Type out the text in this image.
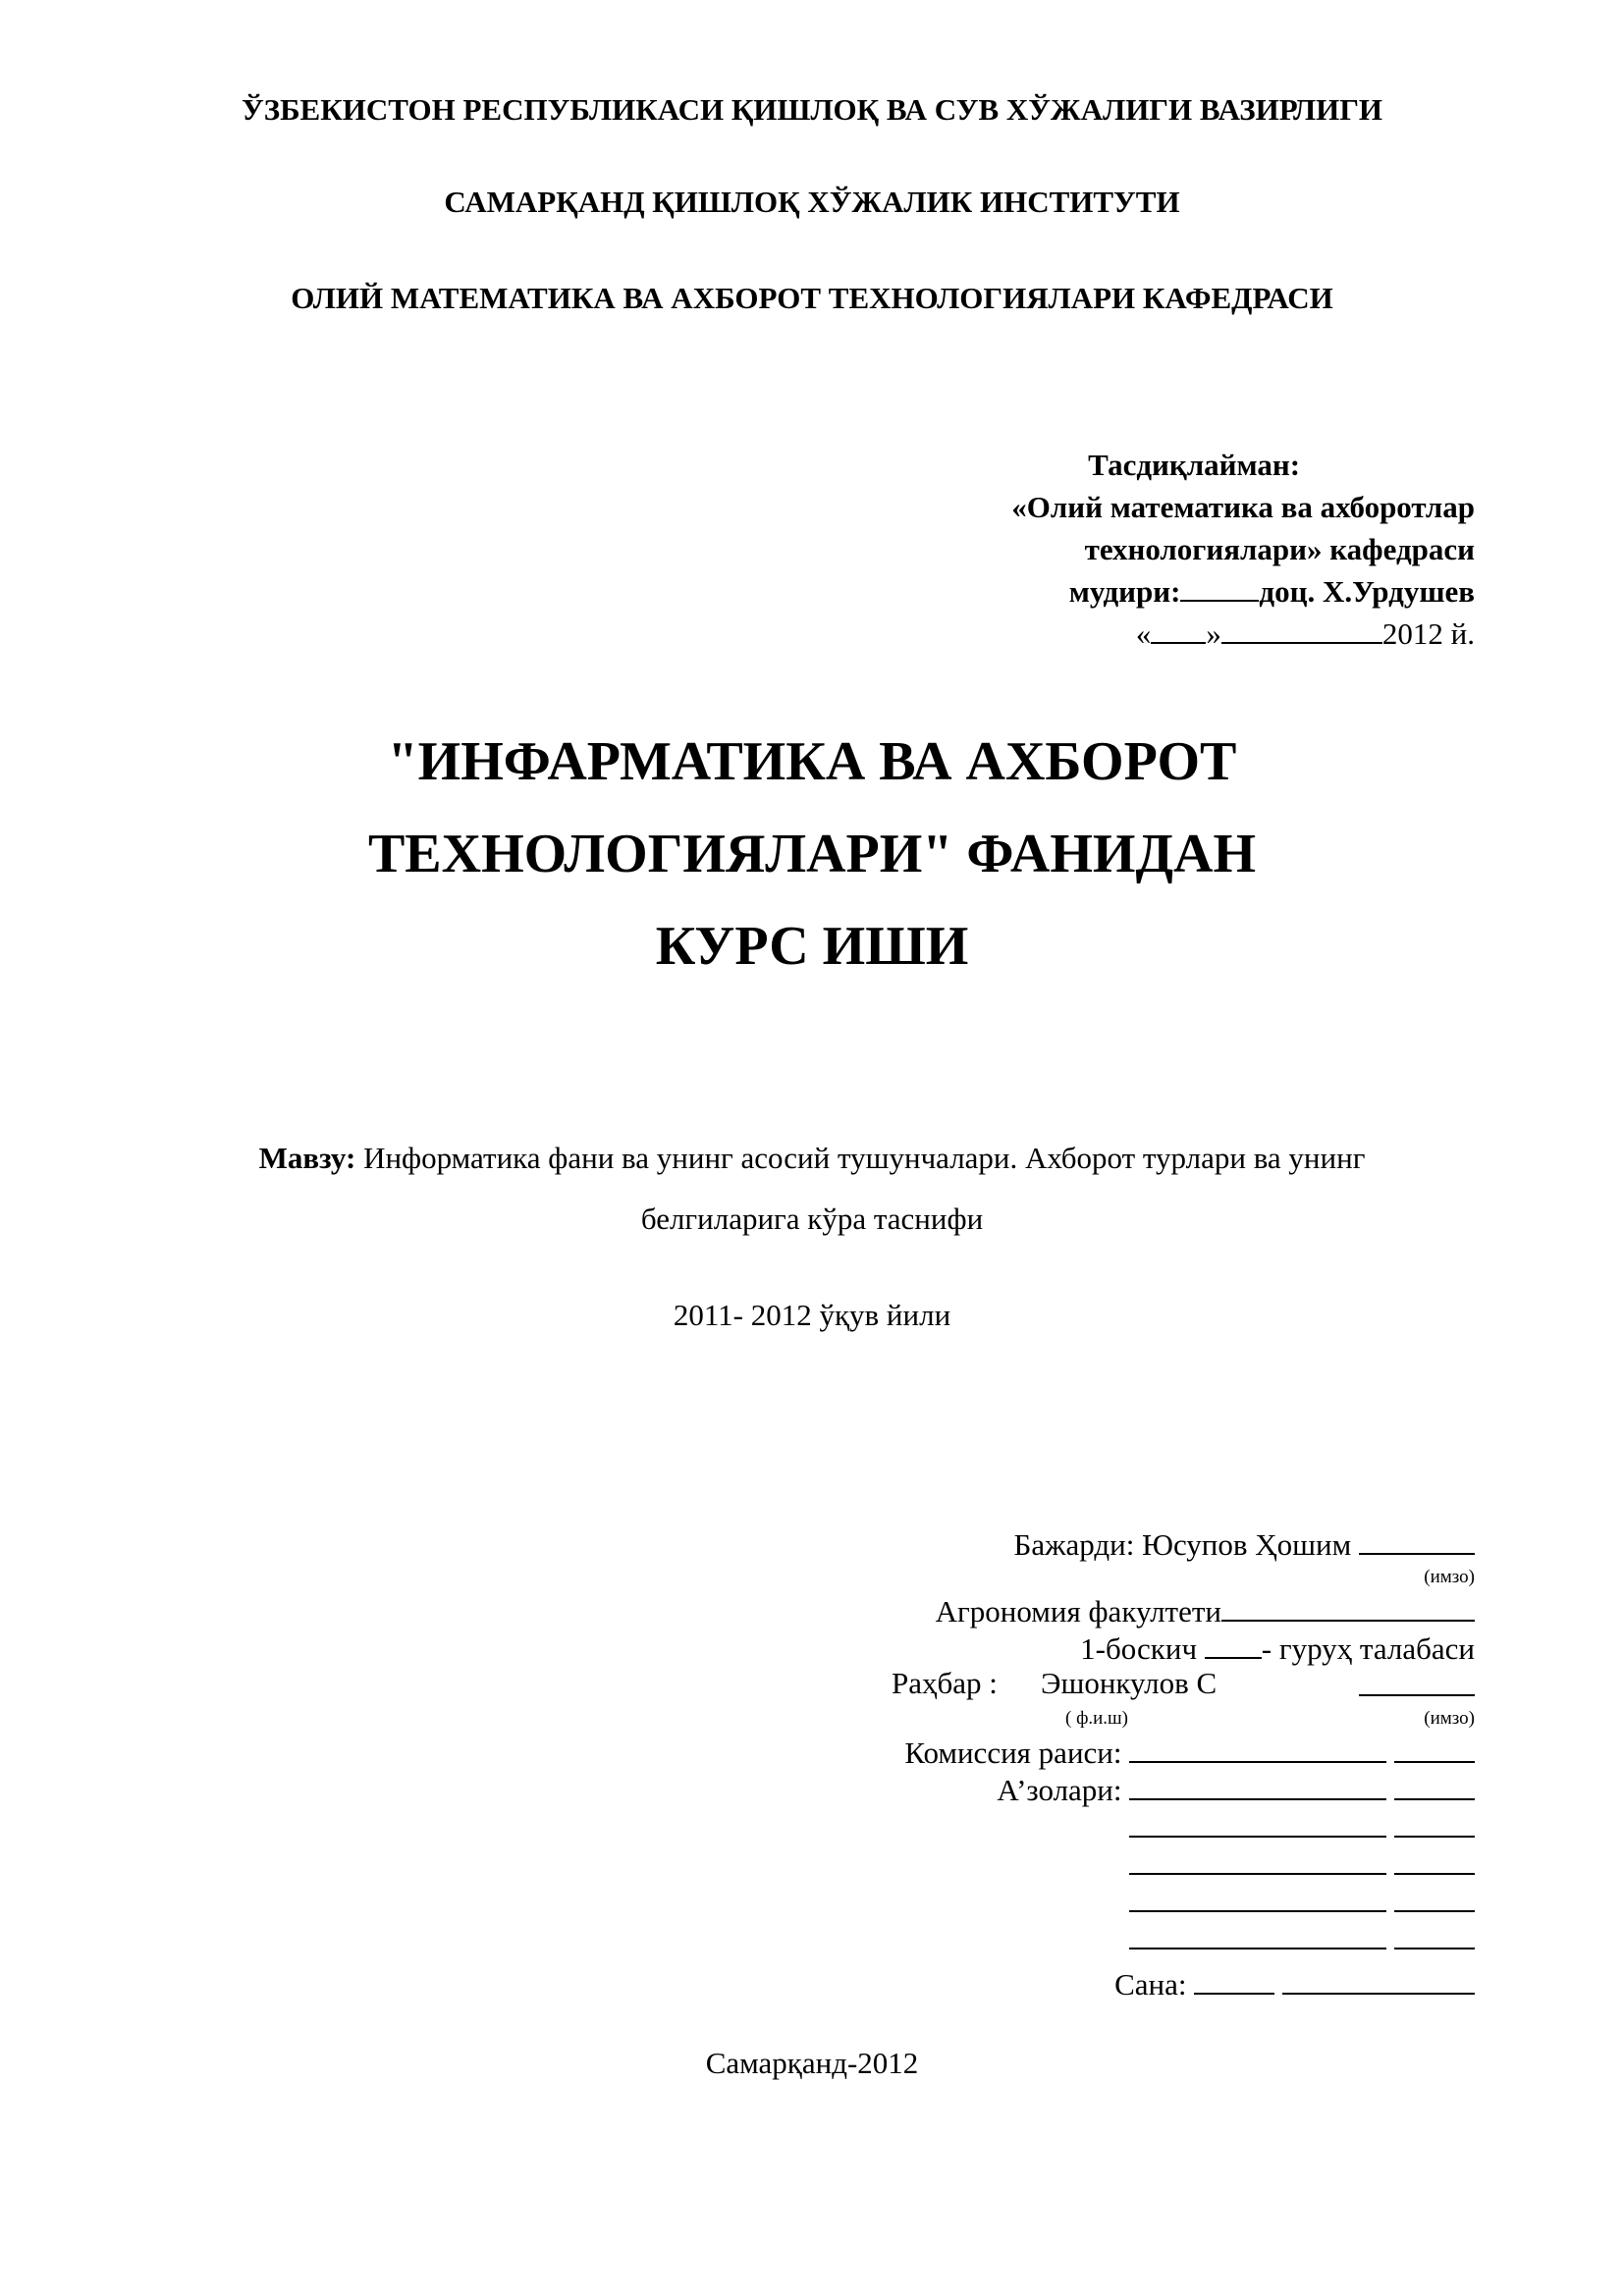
ЎЗБЕКИСТОН РЕСПУБЛИКАСИ ҚИШЛОҚ ВА СУВ ХЎЖАЛИГИ ВАЗИРЛИГИ
САМАРҚАНД ҚИШЛОҚ ХЎЖАЛИК ИНСТИТУТИ
ОЛИЙ МАТЕМАТИКА ВА АХБОРОТ ТЕХНОЛОГИЯЛАРИ КАФЕДРАСИ
Тасдиқлайман:
«Олий математика ва ахборотлар
технологиялари» кафедраси
мудири:	доц. Х.Урдушев
« »	2012 й.
"ИНФАРМАТИКА ВА АХБОРОТ
ТЕХНОЛОГИЯЛАРИ" ФАНИДАН
КУРС ИШИ
Мавзу: Информатика фани ва унинг асосий тушунчалари. Ахборот турлари ва унинг
белгиларига кўра таснифи
2011- 2012 ўқув йили
Бажарди: Юсупов Ҳошим
(имзо)
Агрономия факултети
1-боскич - гуруҳ талабаси
Раҳбар : Эшонкулов С
( ф.и.ш)	(имзо)
Комиссия раиси:
А’золари:

Сана:
Самарқанд-2012
